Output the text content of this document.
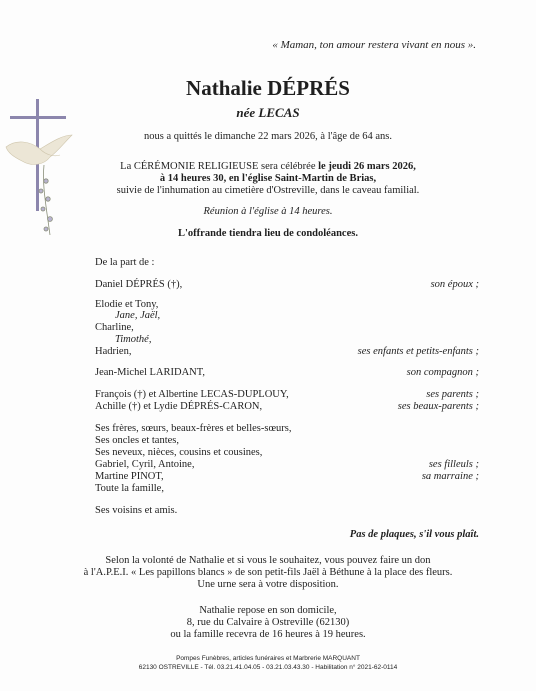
« Maman, ton amour restera vivant en nous ».
Nathalie DÉPRÉS
née LECAS
nous a quittés le dimanche 22 mars 2026, à l'âge de 64 ans.
La CÉRÉMONIE RELIGIEUSE sera célébrée le jeudi 26 mars 2026,
à 14 heures 30, en l'église Saint-Martin de Brias,
suivie de l'inhumation au cimetière d'Ostreville, dans le caveau familial.
Réunion à l'église à 14 heures.
L'offrande tiendra lieu de condoléances.
De la part de :
Daniel DÉPRÉS (†),	son époux ;
Elodie et Tony,
Jane, Jaël,
Charline,
Timothé,
Hadrien,	ses enfants et petits-enfants ;
Jean-Michel LARIDANT,	son compagnon ;
François (†) et Albertine LECAS-DUPLOUY,	ses parents ;
Achille (†) et Lydie DÉPRÉS-CARON,	ses beaux-parents ;
Ses frères, sœurs, beaux-frères et belles-sœurs,
Ses oncles et tantes,
Ses neveux, nièces, cousins et cousines,
Gabriel, Cyril, Antoine,	ses filleuls ;
Martine PINOT,	sa marraine ;
Toute la famille,
Ses voisins et amis.
Pas de plaques, s'il vous plaît.
Selon la volonté de Nathalie et si vous le souhaitez, vous pouvez faire un don
à l'A.P.E.I. « Les papillons blancs » de son petit-fils Jaël à Béthune à la place des fleurs.
Une urne sera à votre disposition.
Nathalie repose en son domicile,
8, rue du Calvaire à Ostreville (62130)
ou la famille recevra de 16 heures à 19 heures.
Pompes Funèbres, articles funéraires et Marbrerie MARQUANT
62130 OSTREVILLE - Tél. 03.21.41.04.05 - 03.21.03.43.30 - Habilitation n° 2021-62-0114
